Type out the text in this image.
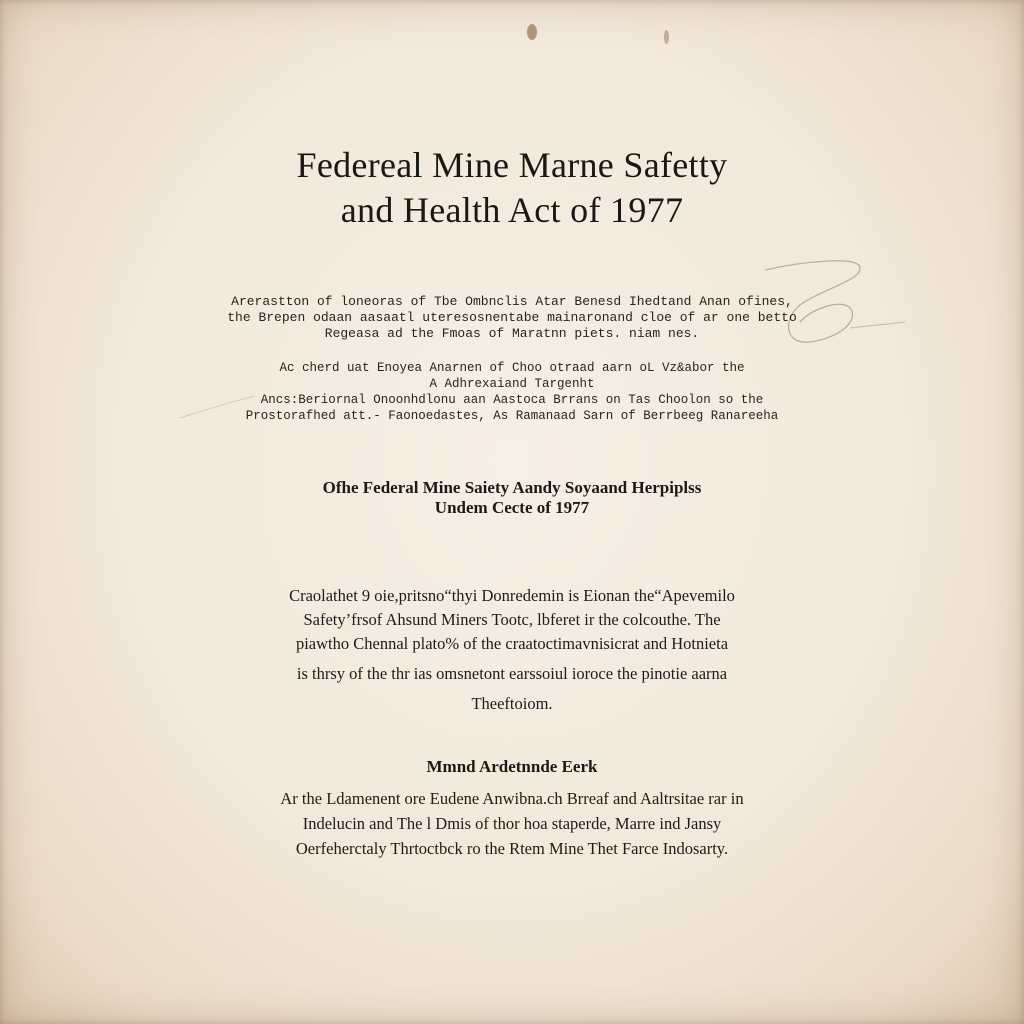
Federeal Mine Marne Safetty
and Health Act of 1977
Arerastton of loneoras of Tbe Ombnclis Atar Benesd Ihedtand Anan ofines,
the Brepen odaan aasaatl uteresosnentabe mainaronand cloe of ar one betto
Regeasa ad the Fmoas of Maratnn piets. niam nes.
Ac cherd uat Enoyea Anarnen of Choo otraad aarn oL Vz&abor the
A Adhrexaiand Targenht
Ancs:Beriornal Onoonhdlonu aan Aastoca Brrans on Tas Choolon so the
Prostorafhed att.- Faonoedastes, As Ramanaad Sarn of Berrbeeg Ranareeha
Ofhe Federal Mine Saiety Aandy Soyaand Herpiplss
Undem Cecte of 1977
Craolathet 9 oie,pritsno“thyi Donredemin is Eionan the“Apevemilo
Safety’frsof Ahsund Miners Tootc, lbferet ir the colcouthe. The
piawtho Chennal plato% of the craatoctimavnisicrat and Hotnieta
is thrsy of the thr ias omsnetont earssoiul ioroce the pinotie aarna
Theeftoiom.
Mmnd Ardetnnde Eerk
Ar the Ldamenent ore Eudene Anwibna.ch Brreaf and Aaltrsitae rar in
Indelucin and The l Dmis of thor hoa staperde, Marre ind Jansy
Oerfeherctaly Thrtoctbck ro the Rtem Mine Thet Farce Indosarty.
